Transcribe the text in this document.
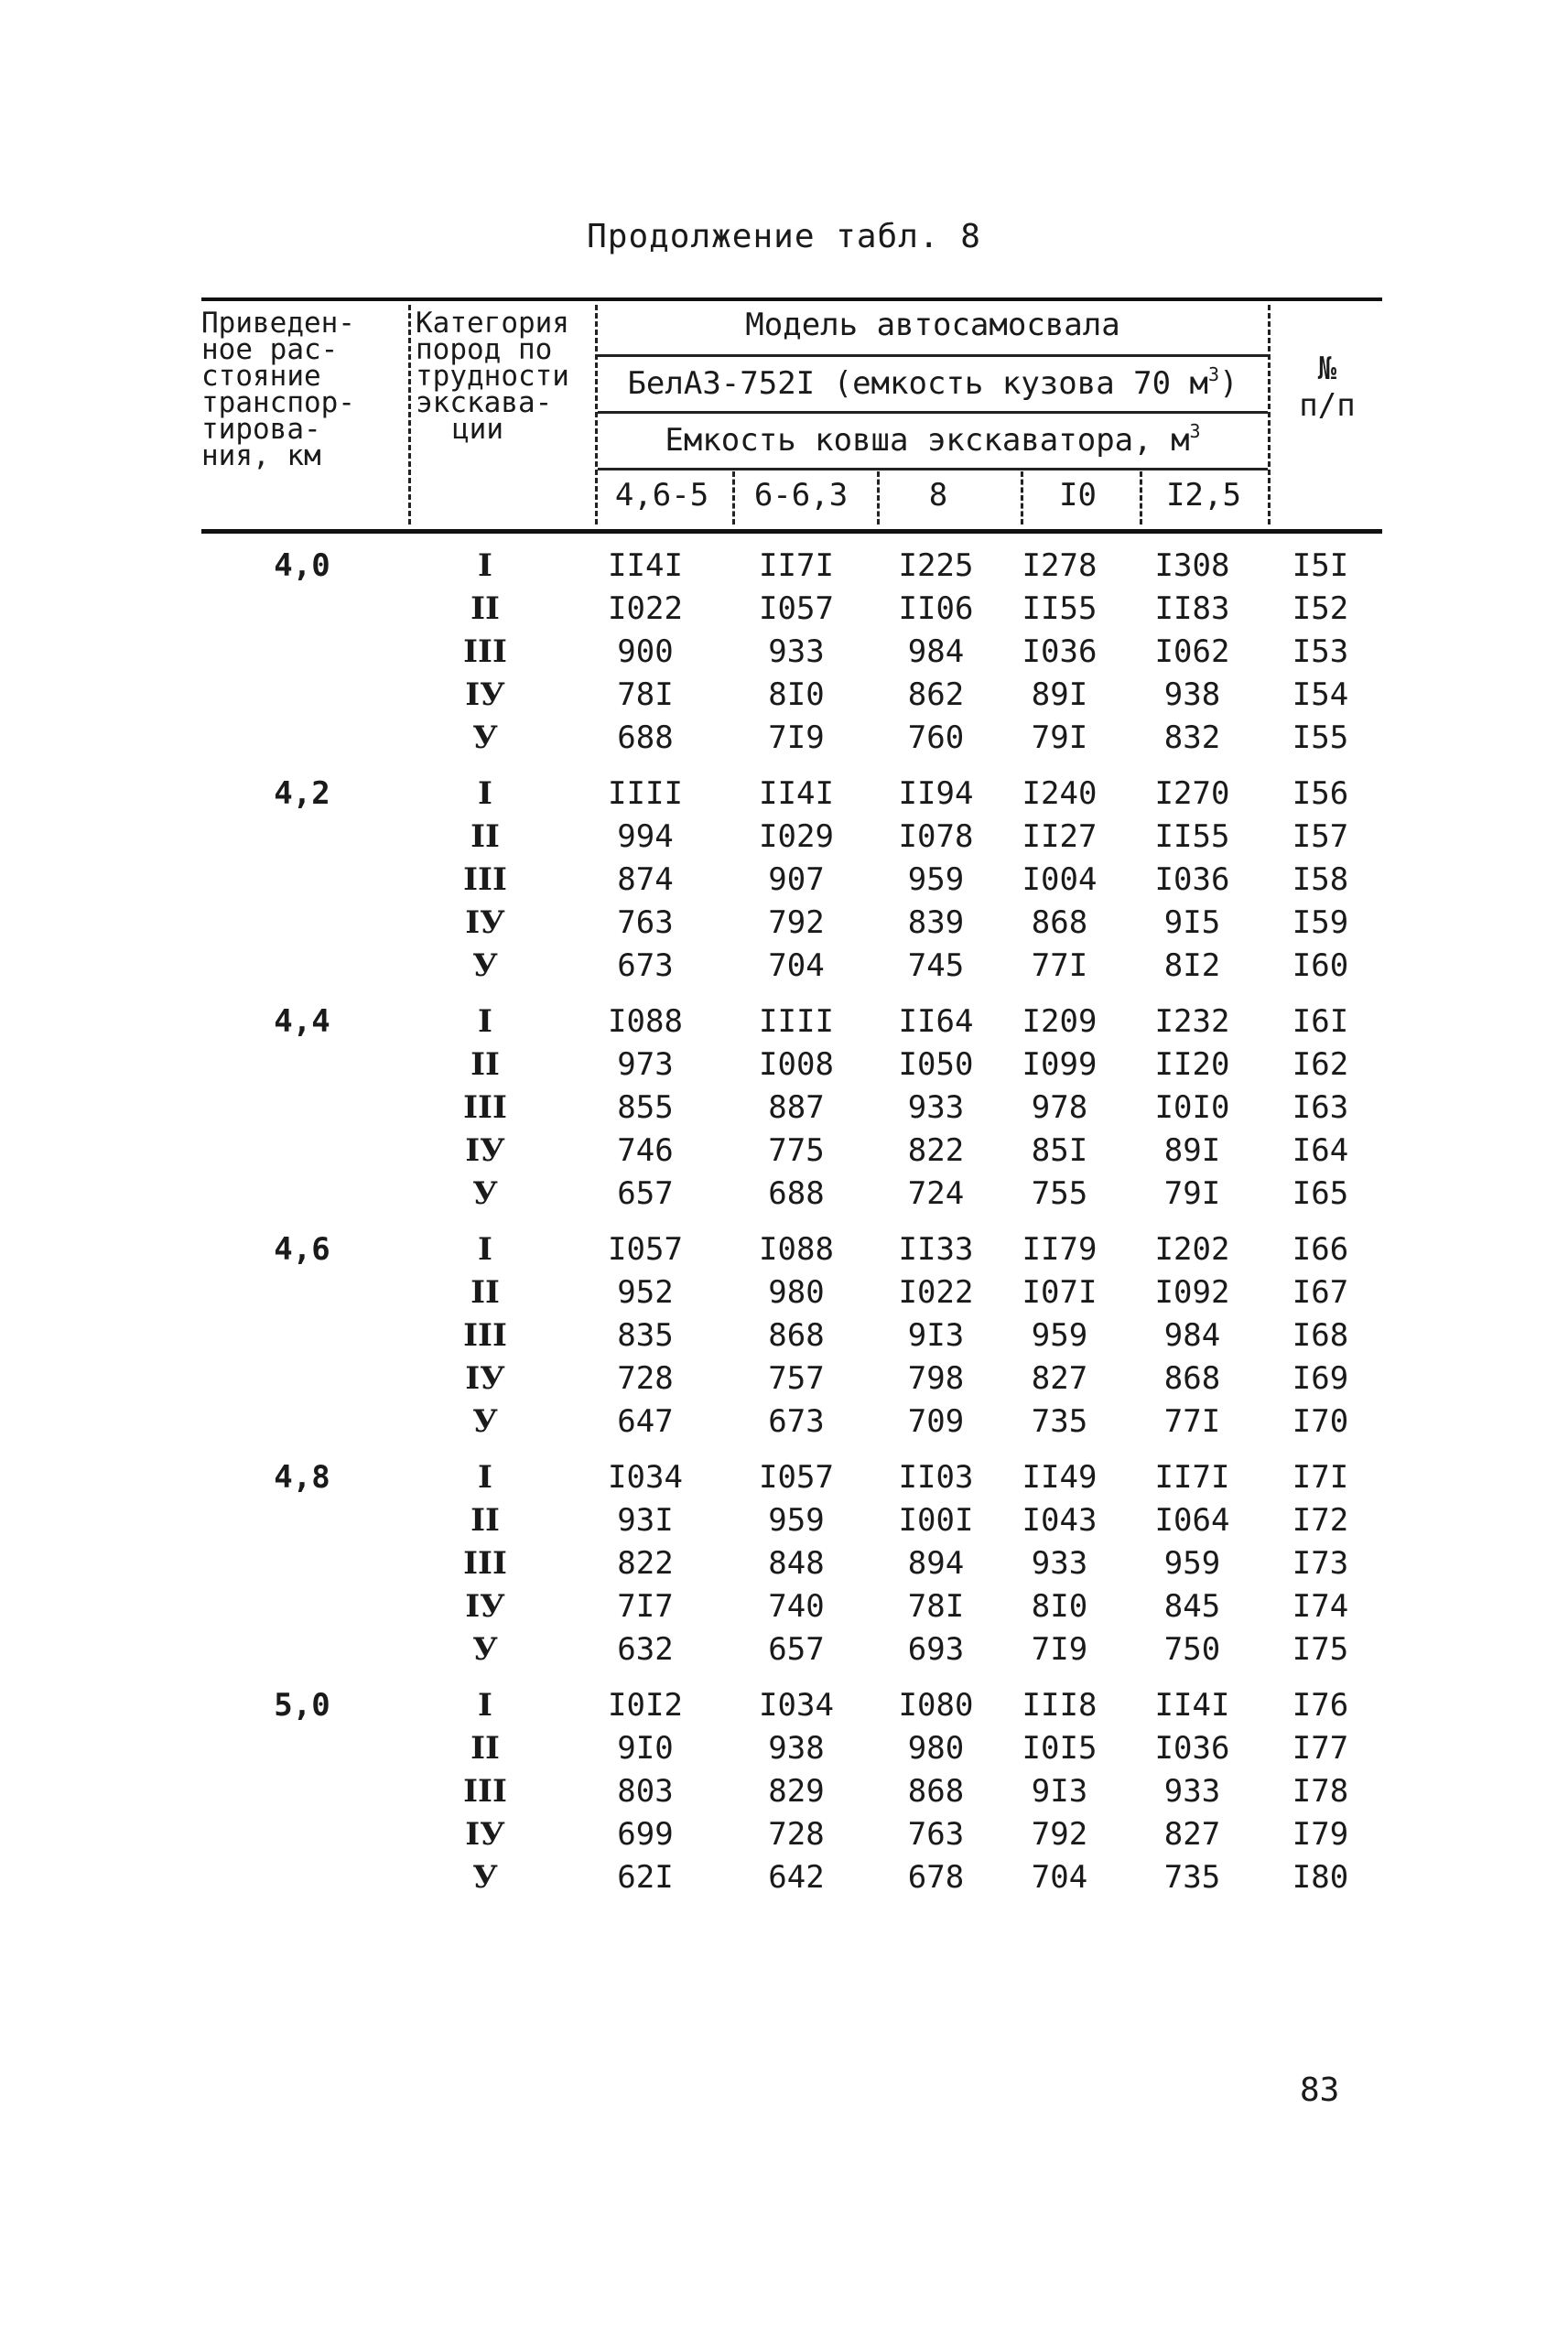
Продолжение табл. 8
Приведен-
ное рас-
стояние
транспор-
тирова-
ния, км
Категория
пород по
трудности
экскава-
ции
Модель автосамосвала
БелАЗ-752I (емкость кузова 70 $м^3$)
Емкость ковша экскаватора, $м^3$
4,6-5	6-6,3	8	I0	I2,5
№
п/п
4,0	I	II4I	II7I	I225	I278	I308	I5I
II	I022	I057	II06	II55	II83	I52
III	900	933	984	I036	I062	I53
IУ	78I	8I0	862	89I	938	I54
У	688	7I9	760	79I	832	I55
4,2	I	IIII	II4I	II94	I240	I270	I56
II	994	I029	I078	II27	II55	I57
III	874	907	959	I004	I036	I58
IУ	763	792	839	868	9I5	I59
У	673	704	745	77I	8I2	I60
4,4	I	I088	IIII	II64	I209	I232	I6I
II	973	I008	I050	I099	II20	I62
III	855	887	933	978	I0I0	I63
IУ	746	775	822	85I	89I	I64
У	657	688	724	755	79I	I65
4,6	I	I057	I088	II33	II79	I202	I66
II	952	980	I022	I07I	I092	I67
III	835	868	9I3	959	984	I68
IУ	728	757	798	827	868	I69
У	647	673	709	735	77I	I70
4,8	I	I034	I057	II03	II49	II7I	I7I
II	93I	959	I00I	I043	I064	I72
III	822	848	894	933	959	I73
IУ	7I7	740	78I	8I0	845	I74
У	632	657	693	7I9	750	I75
5,0	I	I0I2	I034	I080	III8	II4I	I76
II	9I0	938	980	I0I5	I036	I77
III	803	829	868	9I3	933	I78
IУ	699	728	763	792	827	I79
У	62I	642	678	704	735	I80
83
